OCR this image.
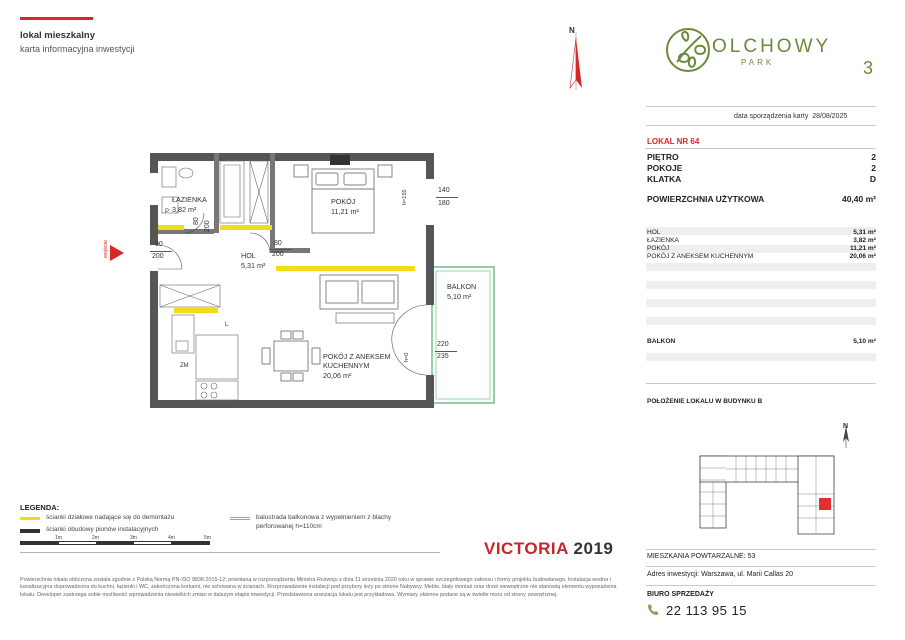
lokal mieszkalny
karta informacyjna inwestycji
N
OLCHOWY
PARK	3
data sporządzenia karty 28/08/2025
LOKAL NR 64
PIĘTRO	2
POKOJE	2
KLATKA	D
POWIERZCHNIA UŻYTKOWA	40,40 m²
HOL	5,31 m²
ŁAZIENKA	3,82 m²
POKÓJ	11,21 m²
POKÓJ Z ANEKSEM KUCHENNYM	20,06 m²
BALKON	5,10 m²
POŁOŻENIE LOKALU W BUDYNKU B
N
MIESZKANIA POWTARZALNE: 53
Adres inwestycji: Warszawa, ul. Marii Callas 20
BIURO SPRZEDAŻY
22 113 95 15
VICTORIA 2019
ŁAZIENKA
3,82 m²
POKÓJ
11,21 m²
HOL
5,31 m²
POKÓJ Z ANEKSEM
KUCHENNYM
20,06 m²
BALKON
5,10 m²
ZM
L
P
wejście
140
180
90
200
80
200
80 200
220
235
h=155
h=0
LEGENDA:
ścianki działowe nadające się do demontażu
ścianki obudowy pionów instalacyjnych
balustrada balkonowa z wypełnieniem z blachy
perforowanej h=110cm
1m	2m	3m	4m	5m
Powierzchnia lokalu obliczona zostala zgodnie z Polską Normą PN-ISO 9836:2015-12; powołaną w rozporządzeniu Ministra Rozwoju z dnia 11 września 2020 roku w sprawie szczegółowego zakresu i formy projektu budowlanego. Instalacja wodna i kanalizacyjna doprowadzona do kuchni, łazienki i WC, zakończona korkami, nie schowana w ścianach. Rozprowadzenie instalacji pod przybory leży po stronie Nabywcy. Meble, biały montaż oraz drzwi wewnętrzne nie stanowią elementu wyposażenia lokalu. Developer zastrzega sobie możliwość wprowadzenia niewielkich zmian w dalszym etapie inwestycji. Przedstawiona aranżacja lokalu jest przykładowa. Wymiary okienne podane są w świetle muru od strony zewnętrznej.
